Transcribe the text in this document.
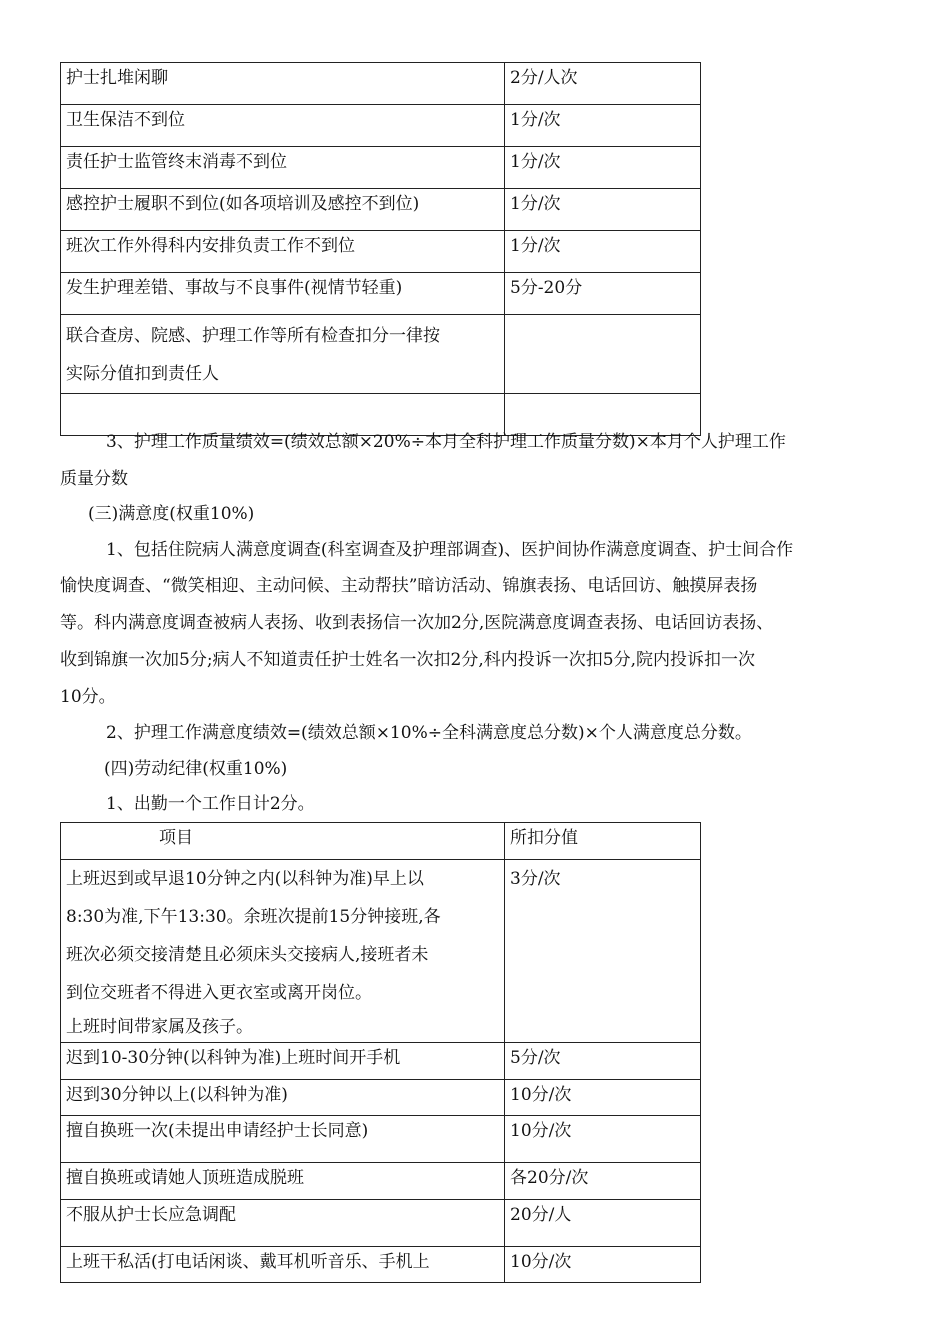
护士扎堆闲聊	2分/人次
卫生保洁不到位	1分/次
责任护士监管终末消毒不到位	1分/次
感控护士履职不到位(如各项培训及感控不到位)	1分/次
班次工作外得科内安排负责工作不到位	1分/次
发生护理差错、事故与不良事件(视情节轻重)	5分-20分

联合查房、院感、护理工作等所有检查扣分一律按
实际分值扣到责任人	

3、护理工作质量绩效=(绩效总额×20%÷本月全科护理工作质量分数)×本月个人护理工作

质量分数

(三)满意度(权重10%)

1、包括住院病人满意度调查(科室调查及护理部调查)、医护间协作满意度调查、护士间合作

愉快度调查、“微笑相迎、主动问候、主动帮扶”暗访活动、锦旗表扬、电话回访、触摸屏表扬

等。科内满意度调查被病人表扬、收到表扬信一次加2分,医院满意度调查表扬、电话回访表扬、

收到锦旗一次加5分;病人不知道责任护士姓名一次扣2分,科内投诉一次扣5分,院内投诉扣一次

10分。

2、护理工作满意度绩效=(绩效总额×10%÷全科满意度总分数)×个人满意度总分数。

(四)劳动纪律(权重10%)

1、出勤一个工作日计2分。

项目	所扣分值

上班迟到或早退10分钟之内(以科钟为准)早上以
8:30为准,下午13:30。余班次提前15分钟接班,各
班次必须交接清楚且必须床头交接病人,接班者未
到位交班者不得进入更衣室或离开岗位。
上班时间带家属及孩子。	3分/次
迟到10-30分钟(以科钟为准)上班时间开手机	5分/次
迟到30分钟以上(以科钟为准)	10分/次
擅自换班一次(未提出申请经护士长同意)	10分/次
擅自换班或请她人顶班造成脱班	各20分/次
不服从护士长应急调配	20分/人
上班干私活(打电话闲谈、戴耳机听音乐、手机上	10分/次
